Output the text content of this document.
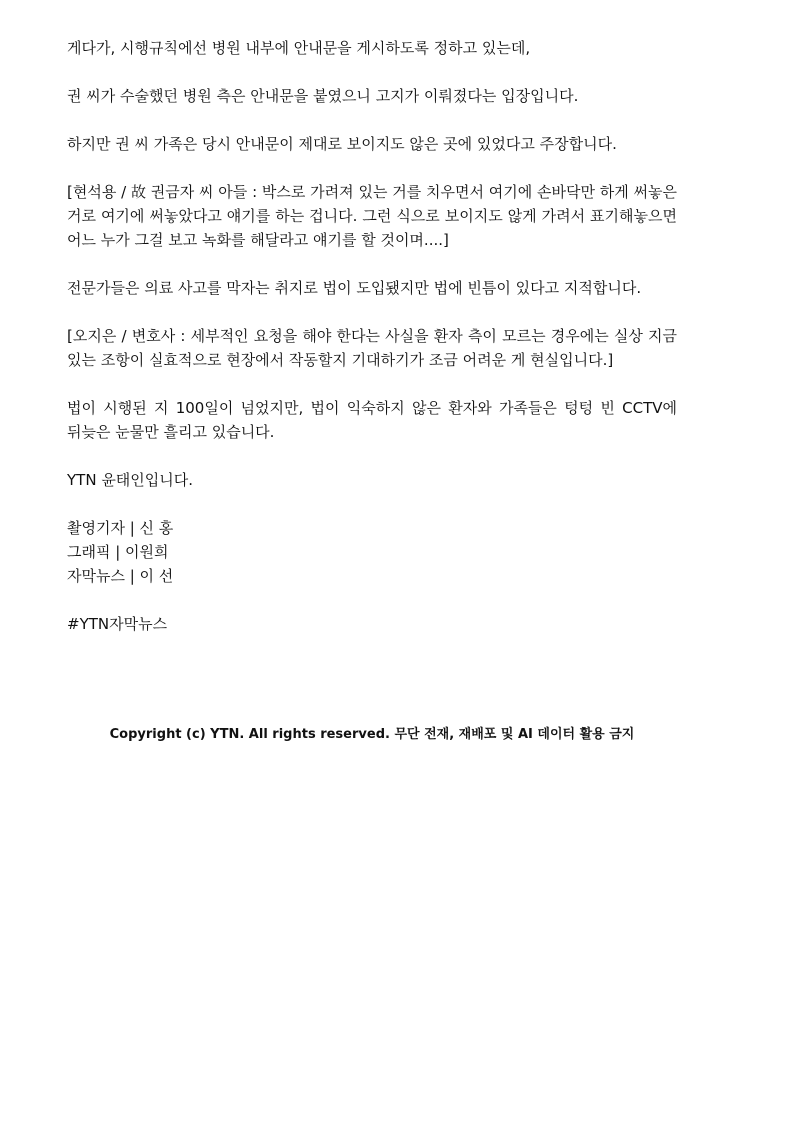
게다가, 시행규칙에선 병원 내부에 안내문을 게시하도록 정하고 있는데,

권 씨가 수술했던 병원 측은 안내문을 붙였으니 고지가 이뤄졌다는 입장입니다.

하지만 권 씨 가족은 당시 안내문이 제대로 보이지도 않은 곳에 있었다고 주장합니다.

[현석용 / 故 권금자 씨 아들 : 박스로 가려져 있는 거를 치우면서 여기에 손바닥만 하게 써놓은 거로 여기에 써놓았다고 얘기를 하는 겁니다. 그런 식으로 보이지도 않게 가려서 표기해놓으면 어느 누가 그걸 보고 녹화를 해달라고 얘기를 할 것이며....]

전문가들은 의료 사고를 막자는 취지로 법이 도입됐지만 법에 빈틈이 있다고 지적합니다.

[오지은 / 변호사 : 세부적인 요청을 해야 한다는 사실을 환자 측이 모르는 경우에는 실상 지금 있는 조항이 실효적으로 현장에서 작동할지 기대하기가 조금 어려운 게 현실입니다.]

법이 시행된 지 100일이 넘었지만, 법이 익숙하지 않은 환자와 가족들은 텅텅 빈 CCTV에 뒤늦은 눈물만 흘리고 있습니다.

YTN 윤태인입니다.

촬영기자 | 신 홍
그래픽 | 이원희
자막뉴스 | 이 선

#YTN자막뉴스

Copyright (c) YTN. All rights reserved. 무단 전재, 재배포 및 AI 데이터 활용 금지
